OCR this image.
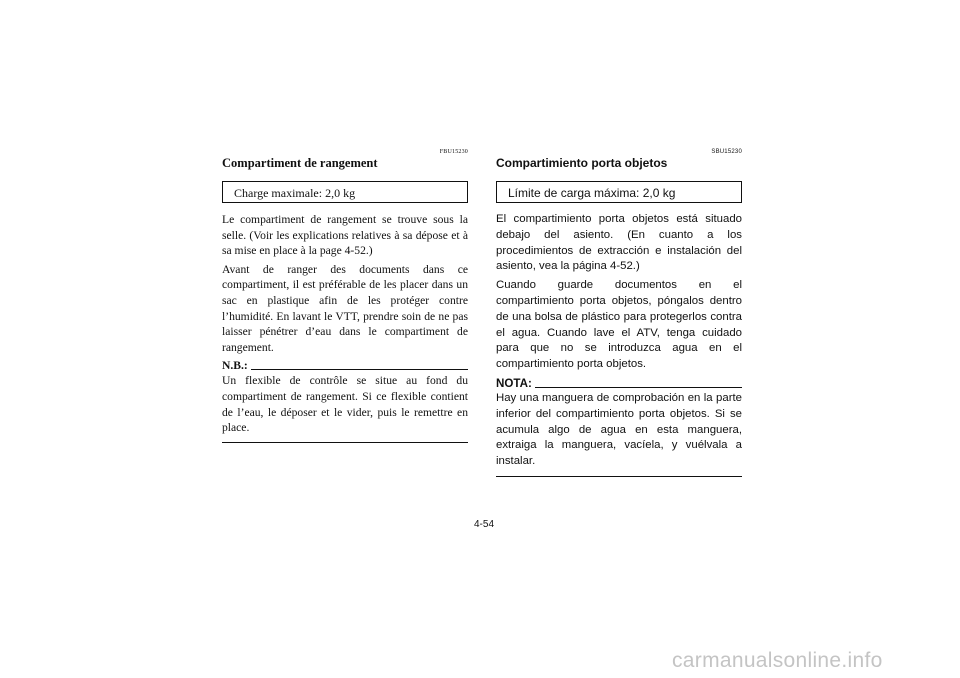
FBU15230
Compartiment de rangement
Charge maximale: 2,0 kg

Le compartiment de rangement se trouve sous la selle. (Voir les explications relatives à sa dépose et à sa mise en place à la page 4-52.)

Avant de ranger des documents dans ce compartiment, il est préférable de les placer dans un sac en plastique afin de les protéger contre l’humidité. En lavant le VTT, prendre soin de ne pas laisser pénétrer d’eau dans le compartiment de rangement.

N.B.:

Un flexible de contrôle se situe au fond du compartiment de rangement. Si ce flexible contient de l’eau, le déposer et le vider, puis le remettre en place.

SBU15230
Compartimiento porta objetos
Límite de carga máxima: 2,0 kg

El compartimiento porta objetos está situado debajo del asiento. (En cuanto a los procedimientos de extracción e instalación del asiento, vea la página 4-52.)

Cuando guarde documentos en el compartimiento porta objetos, póngalos dentro de una bolsa de plástico para protegerlos contra el agua. Cuando lave el ATV, tenga cuidado para que no se introduzca agua en el compartimiento porta objetos.

NOTA:

Hay una manguera de comprobación en la parte inferior del compartimiento porta objetos. Si se acumula algo de agua en esta manguera, extraiga la manguera, vacíela, y vuélvala a instalar.

4-54
carmanualsonline.info
